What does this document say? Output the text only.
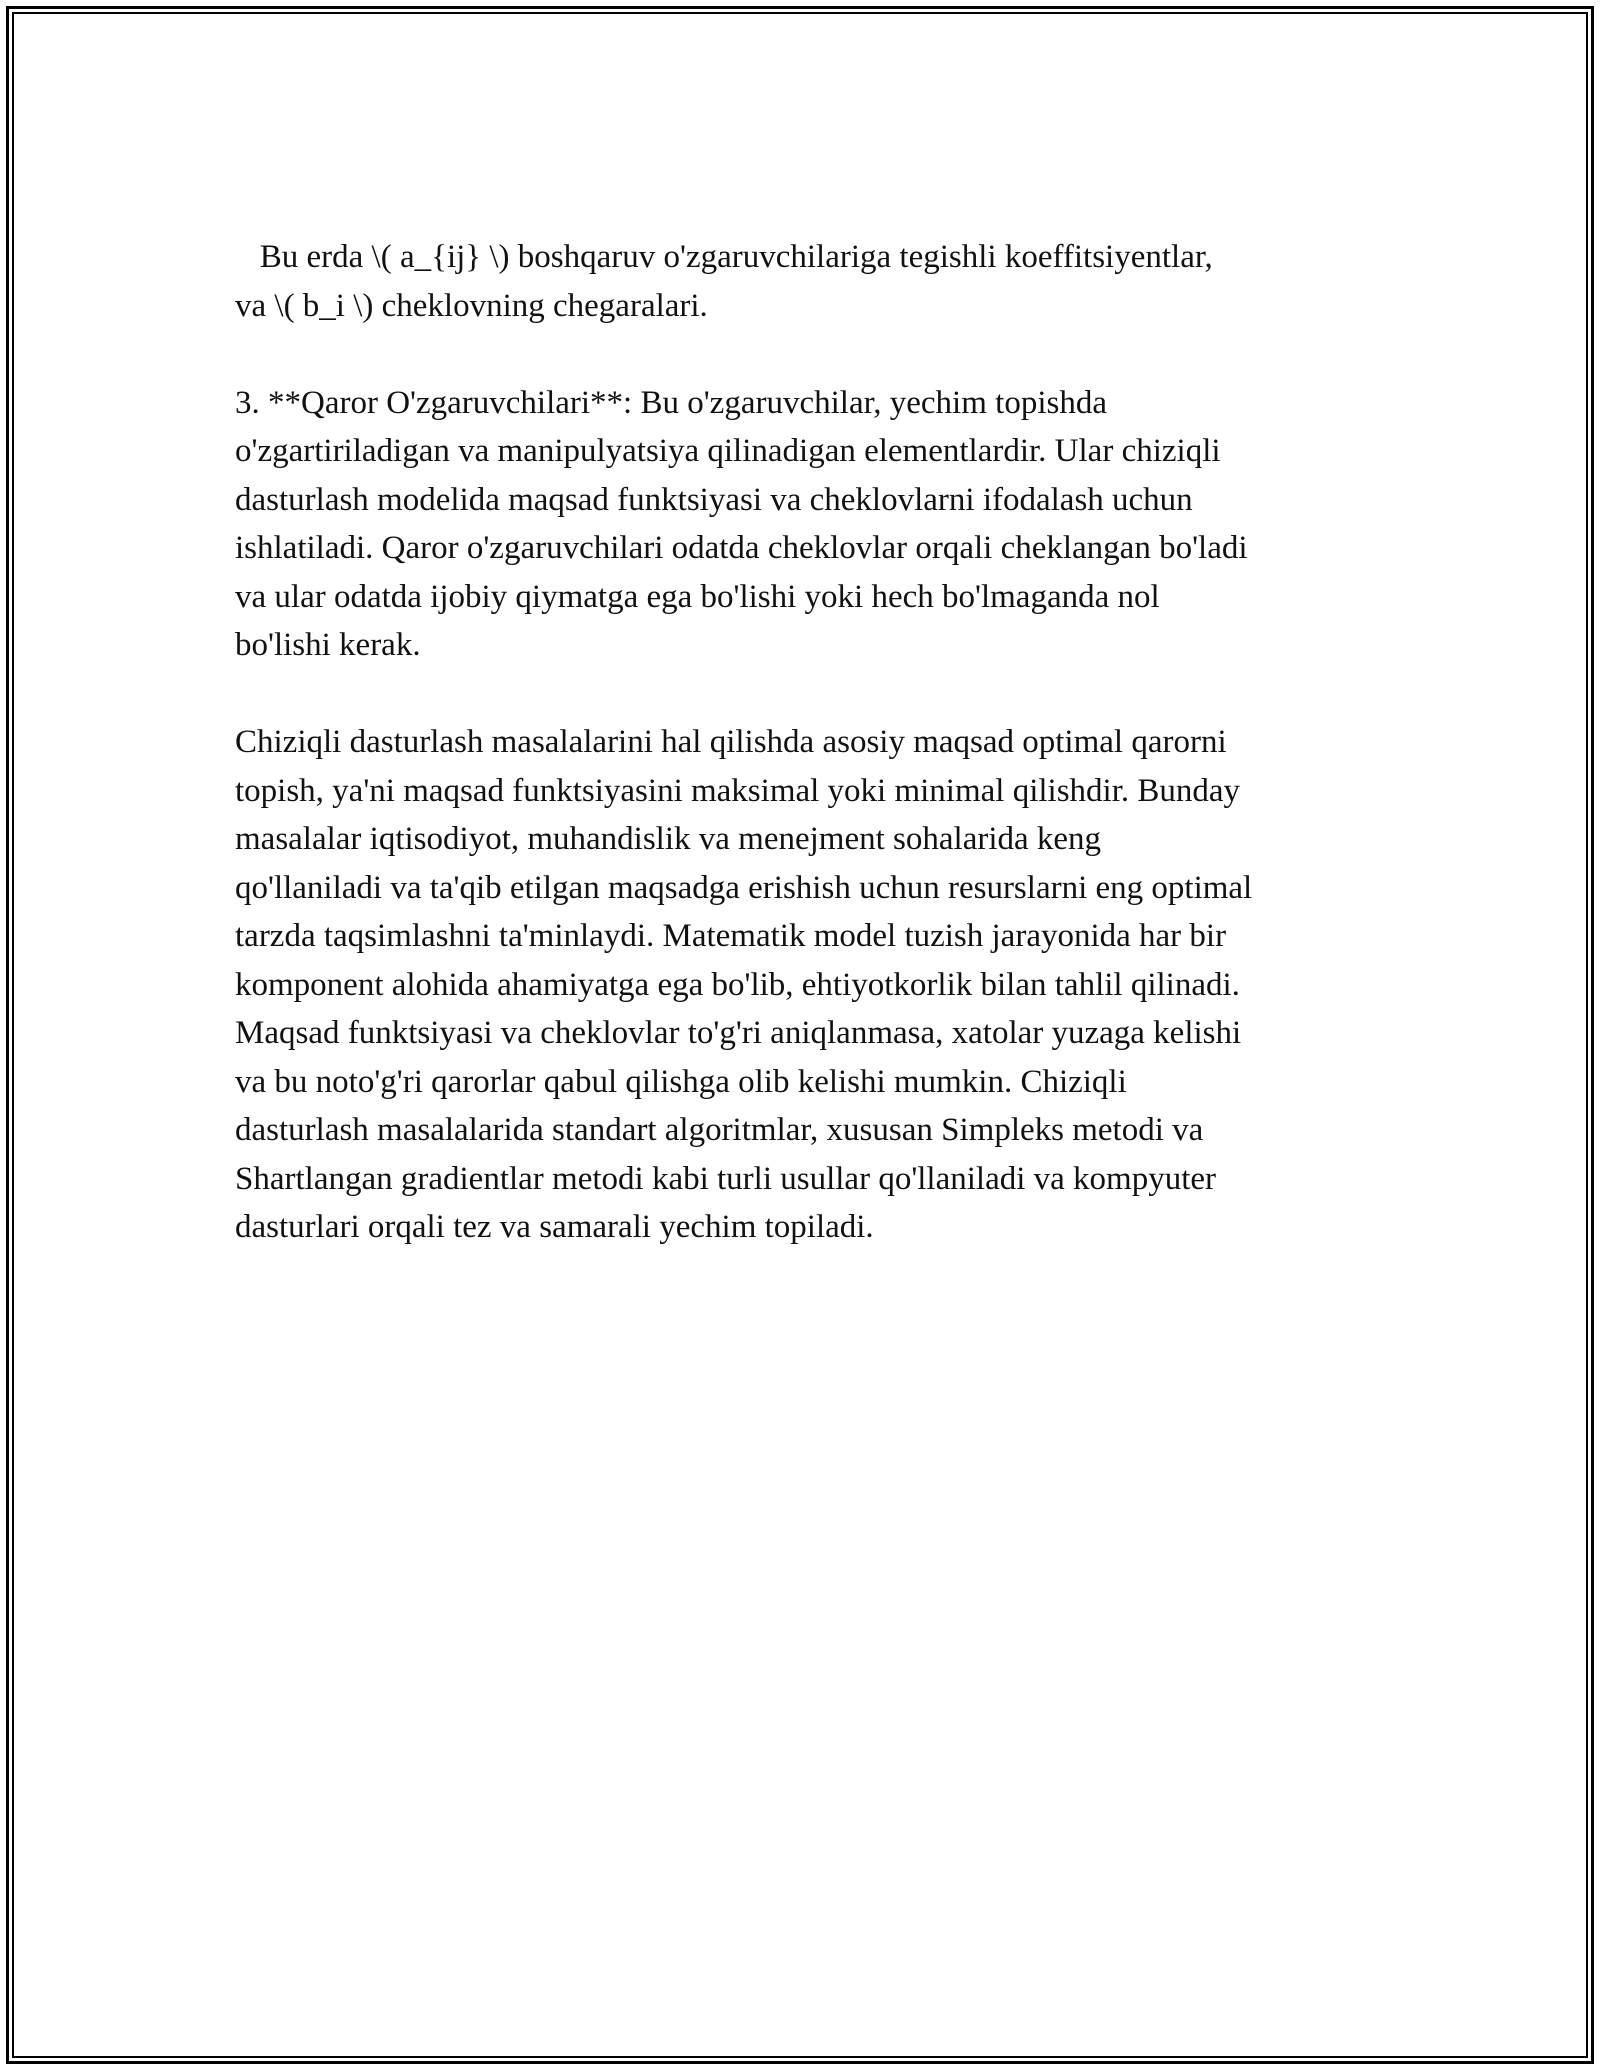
Bu erda \( a_{ij} \) boshqaruv o'zgaruvchilariga tegishli koeffitsiyentlar,
va \( b_i \) cheklovning chegaralari.

3. **Qaror O'zgaruvchilari**: Bu o'zgaruvchilar, yechim topishda
o'zgartiriladigan va manipulyatsiya qilinadigan elementlardir. Ular chiziqli
dasturlash modelida maqsad funktsiyasi va cheklovlarni ifodalash uchun
ishlatiladi. Qaror o'zgaruvchilari odatda cheklovlar orqali cheklangan bo'ladi
va ular odatda ijobiy qiymatga ega bo'lishi yoki hech bo'lmaganda nol
bo'lishi kerak.

Chiziqli dasturlash masalalarini hal qilishda asosiy maqsad optimal qarorni
topish, ya'ni maqsad funktsiyasini maksimal yoki minimal qilishdir. Bunday
masalalar iqtisodiyot, muhandislik va menejment sohalarida keng
qo'llaniladi va ta'qib etilgan maqsadga erishish uchun resurslarni eng optimal
tarzda taqsimlashni ta'minlaydi. Matematik model tuzish jarayonida har bir
komponent alohida ahamiyatga ega bo'lib, ehtiyotkorlik bilan tahlil qilinadi.
Maqsad funktsiyasi va cheklovlar to'g'ri aniqlanmasa, xatolar yuzaga kelishi
va bu noto'g'ri qarorlar qabul qilishga olib kelishi mumkin. Chiziqli
dasturlash masalalarida standart algoritmlar, xususan Simpleks metodi va
Shartlangan gradientlar metodi kabi turli usullar qo'llaniladi va kompyuter
dasturlari orqali tez va samarali yechim topiladi.
